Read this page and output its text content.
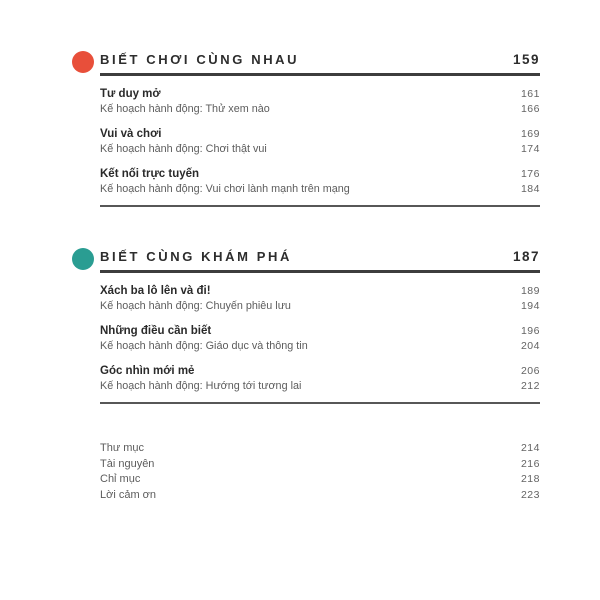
BIẾT CHƠI CÙNG NHAU	159
Tư duy mở	161
Kế hoạch hành động: Thử xem nào	166
Vui và chơi	169
Kế hoạch hành động: Chơi thật vui	174
Kết nối trực tuyến	176
Kế hoạch hành động: Vui chơi lành mạnh trên mạng	184
BIẾT CÙNG KHÁM PHÁ	187
Xách ba lô lên và đi!	189
Kế hoạch hành động: Chuyến phiêu lưu	194
Những điều cần biết	196
Kế hoạch hành động: Giáo dục và thông tin	204
Góc nhìn mới mẻ	206
Kế hoạch hành động: Hướng tới tương lai	212
Thư mục	214
Tài nguyên	216
Chỉ mục	218
Lời cảm ơn	223
